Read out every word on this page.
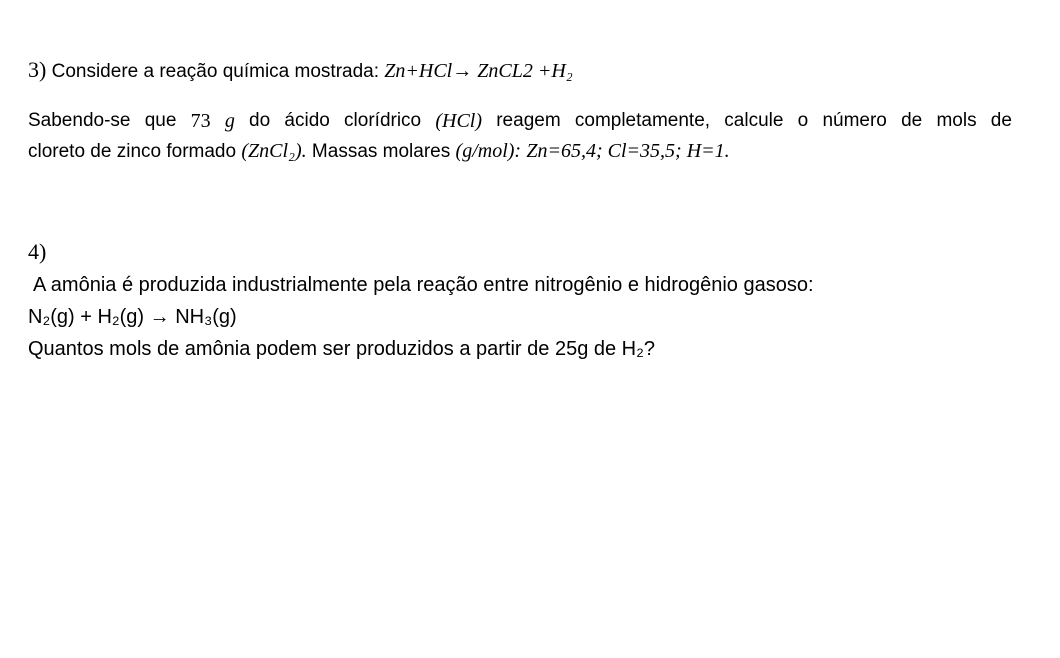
3) Considere a reação química mostrada: Zn+HCl→ ZnCL2 +H₂
Sabendo-se que 73 g do ácido clorídrico (HCl) reagem completamente, calcule o número de mols de
cloreto de zinco formado (ZnCl₂). Massas molares (g/mol): Zn=65,4; Cl=35,5; H=1.
4)
A amônia é produzida industrialmente pela reação entre nitrogênio e hidrogênio gasoso:
N₂(g) + H₂(g) → NH₃(g)
Quantos mols de amônia podem ser produzidos a partir de 25g de H₂?
